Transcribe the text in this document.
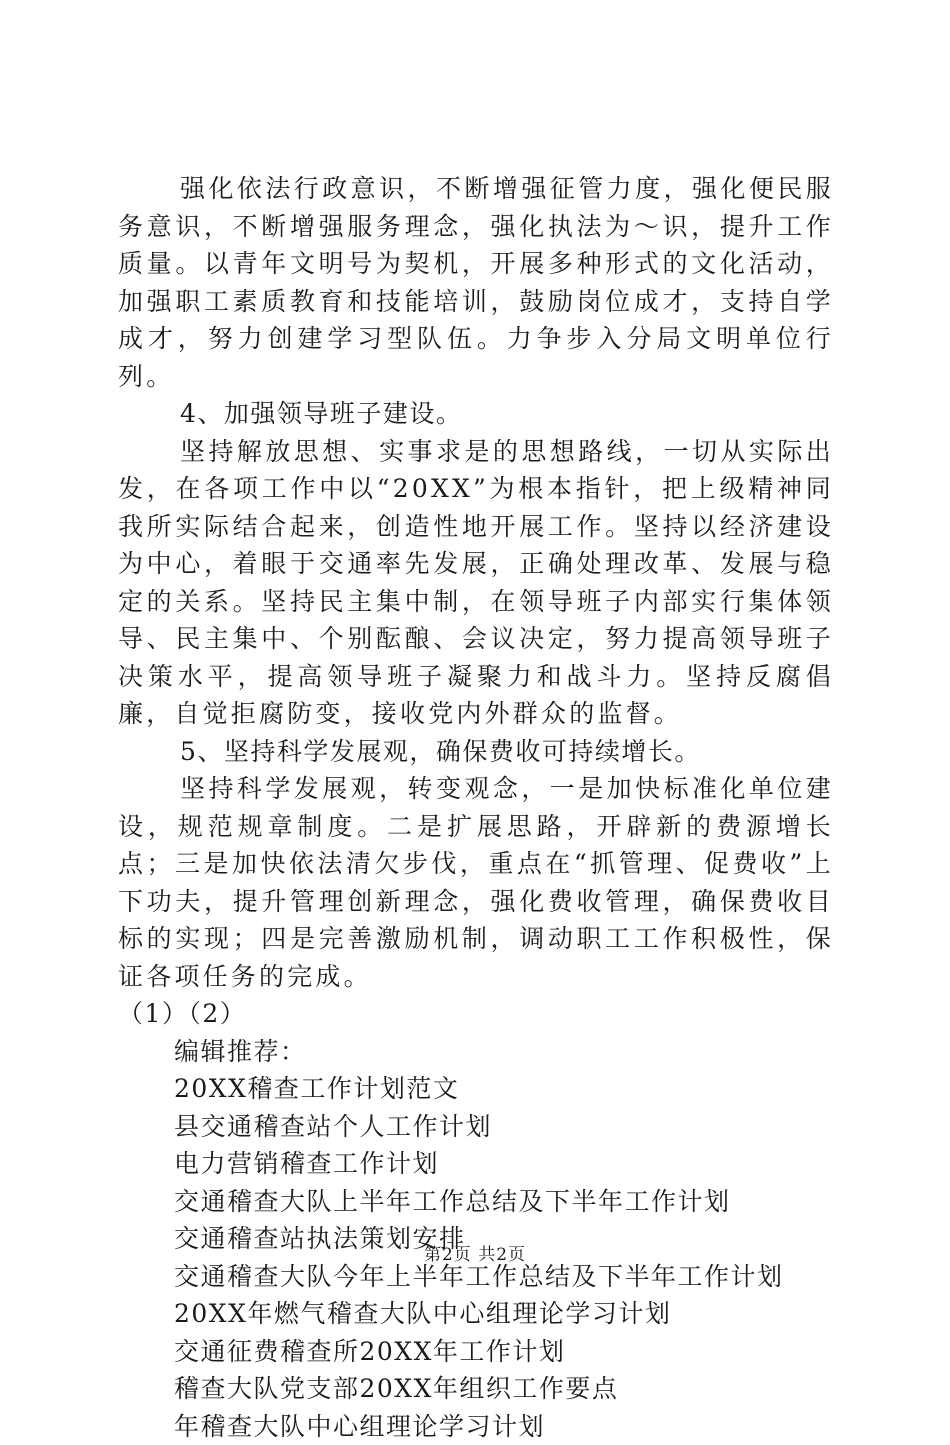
强化依法行政意识，不断增强征管力度，强化便民服务意识，不断增强服务理念，强化执法为～识，提升工作质量。以青年文明号为契机，开展多种形式的文化活动，加强职工素质教育和技能培训，鼓励岗位成才，支持自学成才，努力创建学习型队伍。力争步入分局文明单位行列。

4、加强领导班子建设。

坚持解放思想、实事求是的思想路线，一切从实际出发，在各项工作中以“20XX”为根本指针，把上级精神同我所实际结合起来，创造性地开展工作。坚持以经济建设为中心，着眼于交通率先发展，正确处理改革、发展与稳定的关系。坚持民主集中制，在领导班子内部实行集体领导、民主集中、个别酝酿、会议决定，努力提高领导班子决策水平，提高领导班子凝聚力和战斗力。坚持反腐倡廉，自觉拒腐防变，接收党内外群众的监督。

5、坚持科学发展观，确保费收可持续增长。

坚持科学发展观，转变观念，一是加快标准化单位建设，规范规章制度。二是扩展思路，开辟新的费源增长点；三是加快依法清欠步伐，重点在“抓管理、促费收”上下功夫，提升管理创新理念，强化费收管理，确保费收目标的实现；四是完善激励机制，调动职工工作积极性，保证各项任务的完成。

（1）（2）

编辑推荐：
20XX稽查工作计划范文
县交通稽查站个人工作计划
电力营销稽查工作计划
交通稽查大队上半年工作总结及下半年工作计划
交通稽查站执法策划安排
交通稽查大队今年上半年工作总结及下半年工作计划
20XX年燃气稽查大队中心组理论学习计划
交通征费稽查所20XX年工作计划
稽查大队党支部20XX年组织工作要点
年稽查大队中心组理论学习计划
第2页 共2页
